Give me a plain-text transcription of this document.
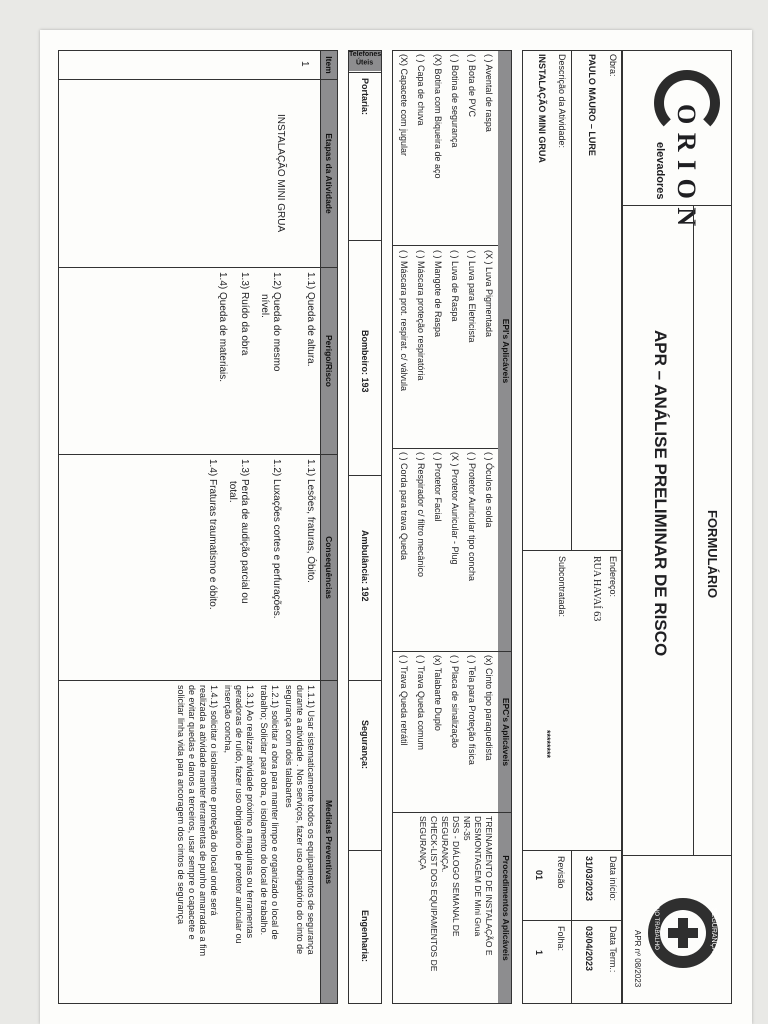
O R I O N
elevadores
FORMULÁRIO
APR – ANÁLISE PRELIMINAR DE RISCO
SEGURANÇA
NO TRABALHO
Obra:
PAULO MAURO – LURE
Descrição da Atividade:
INSTALAÇÃO MINI GRUA
Endereço:
RUA HAVAÍ 63
Subcontratada:
********
Data início:
31/03/2023
Data Term.:
03/04/2023
Revisão
01
Folha:
1	APR nº 08/2023
EPI's Aplicáveis
EPC's Aplicáveis
Procedimentos Aplicáveis
( ) Avental de raspa
( ) Bota de PVC
( ) Botina de segurança
(X) Botina com Biqueira de aço
( ) Capa de chuva
(X) Capacete com jugular
(X ) Luva Pigmentada
( ) Luva para Eletricista
( ) Luva de Raspa
( ) Mangote de Raspa
( ) Máscara proteção respiratória
( ) Máscara prot. respirat. c/ válvula
( ) Óculos de solda
( ) Protetor Auricular tipo concha
(X ) Protetor Auricular - Plug
( ) Protetor Facial
( ) Respirador c/ filtro mecânico
( ) Corda para trava Queda
(x) Cinto tipo paraquedista
( ) Tela para Proteção física
( ) Placa de sinalização
(x) Talabarte Duplo
( ) Trava Queda comum
( ) Trava Queda retrátil
TREINAMENTO DE INSTALAÇÃO E
DESMONTAGEM DE Mini Grua
NR-35
DSS - DIÁLOGO SEMANAL DE
SEGURANÇA.
CHECK-LIST DOS EQUIPAMENTOS DE
SEGURANÇA
Telefones Úteis
Portaria:
Bombeiro: 193
Ambulância: 192
Segurança:
Engenharia:
Item
Etapas da Atividade
Perigo/Risco
Consequências
Medidas Preventivas
1
INSTALAÇÃO MINI GRUA
1.1) Queda de altura.
1.2) Queda do mesmo
nível.
1.3) Ruído da obra
1.4) Queda de materiais.
1.1) Lesões, fraturas, Óbito.
1.2) Luxações cortes e perfurações.
1.3) Perda de audição parcial ou
total.
1.4) Fraturas traumatismo e óbito.
1.1.1) Usar sistematicamente todos os equipamentos de segurança
durante a atividade . Nos serviços, fazer uso obrigatório do cinto de
segurança com dois talabartes
1.2.1) solicitar a obra para manter limpo e organizado o local de
trabalho; Solicitar para obra, o isolamento do local de trabalho.
1.3.1) Ao realizar atividade próximo a maquinas ou ferramentas
geradoras de ruído, fazer uso obrigatório de protetor auricular ou
inserção concha,
1.4.1) solicitar o isolamento e proteção do local onde será
realizada a atividade manter ferramentas de punho amarradas a fim
de evitar quedas e danos a terceiros, usar sempre o capacete e
solicitar linha vida para ancoragem dos cintos de segurança
